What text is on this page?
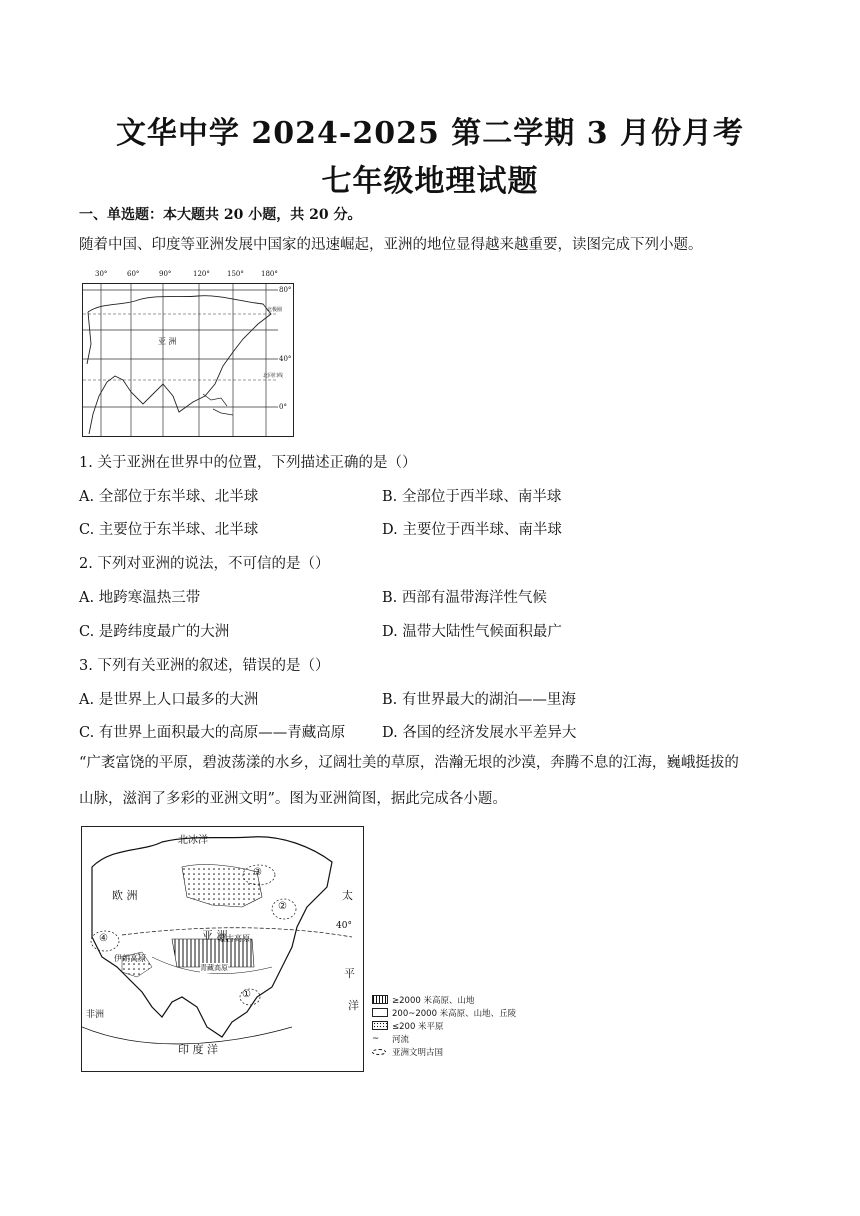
文华中学 2024-2025 第二学期 3 月份月考
七年级地理试题
一、单选题：本大题共 20 小题，共 20 分。
随着中国、印度等亚洲发展中国家的迅速崛起，亚洲的地位显得越来越重要，读图完成下列小题。
30°	60°	90°	120° 150° 180°
80°
40°
0°
亚 洲
北极圈
北回归线
1. 关于亚洲在世界中的位置，下列描述正确的是（）
A. 全部位于东半球、北半球	B. 全部位于西半球、南半球
C. 主要位于东半球、北半球	D. 主要位于西半球、南半球
2. 下列对亚洲的说法，不可信的是（）
A. 地跨寒温热三带	B. 西部有温带海洋性气候
C. 是跨纬度最广的大洲	D. 温带大陆性气候面积最广
3. 下列有关亚洲的叙述，错误的是（）
A. 是世界上人口最多的大洲	B. 有世界最大的湖泊——里海
C. 有世界上面积最大的高原——青藏高原	D. 各国的经济发展水平差异大
“广袤富饶的平原，碧波荡漾的水乡，辽阔壮美的草原，浩瀚无垠的沙漠，奔腾不息的江海，巍峨挺拔的
山脉，滋润了多彩的亚洲文明”。图为亚洲简图，据此完成各小题。
北冰洋
欧 洲
亚 洲
非洲
印 度 洋
太
平
洋
蒙古高原
伊朗高原
青藏高原
40°
①
②
③
④
≥2000 米高原、山地
200~2000 米高原、山地、丘陵
≤200 米平原
~	河流
亚洲文明古国
